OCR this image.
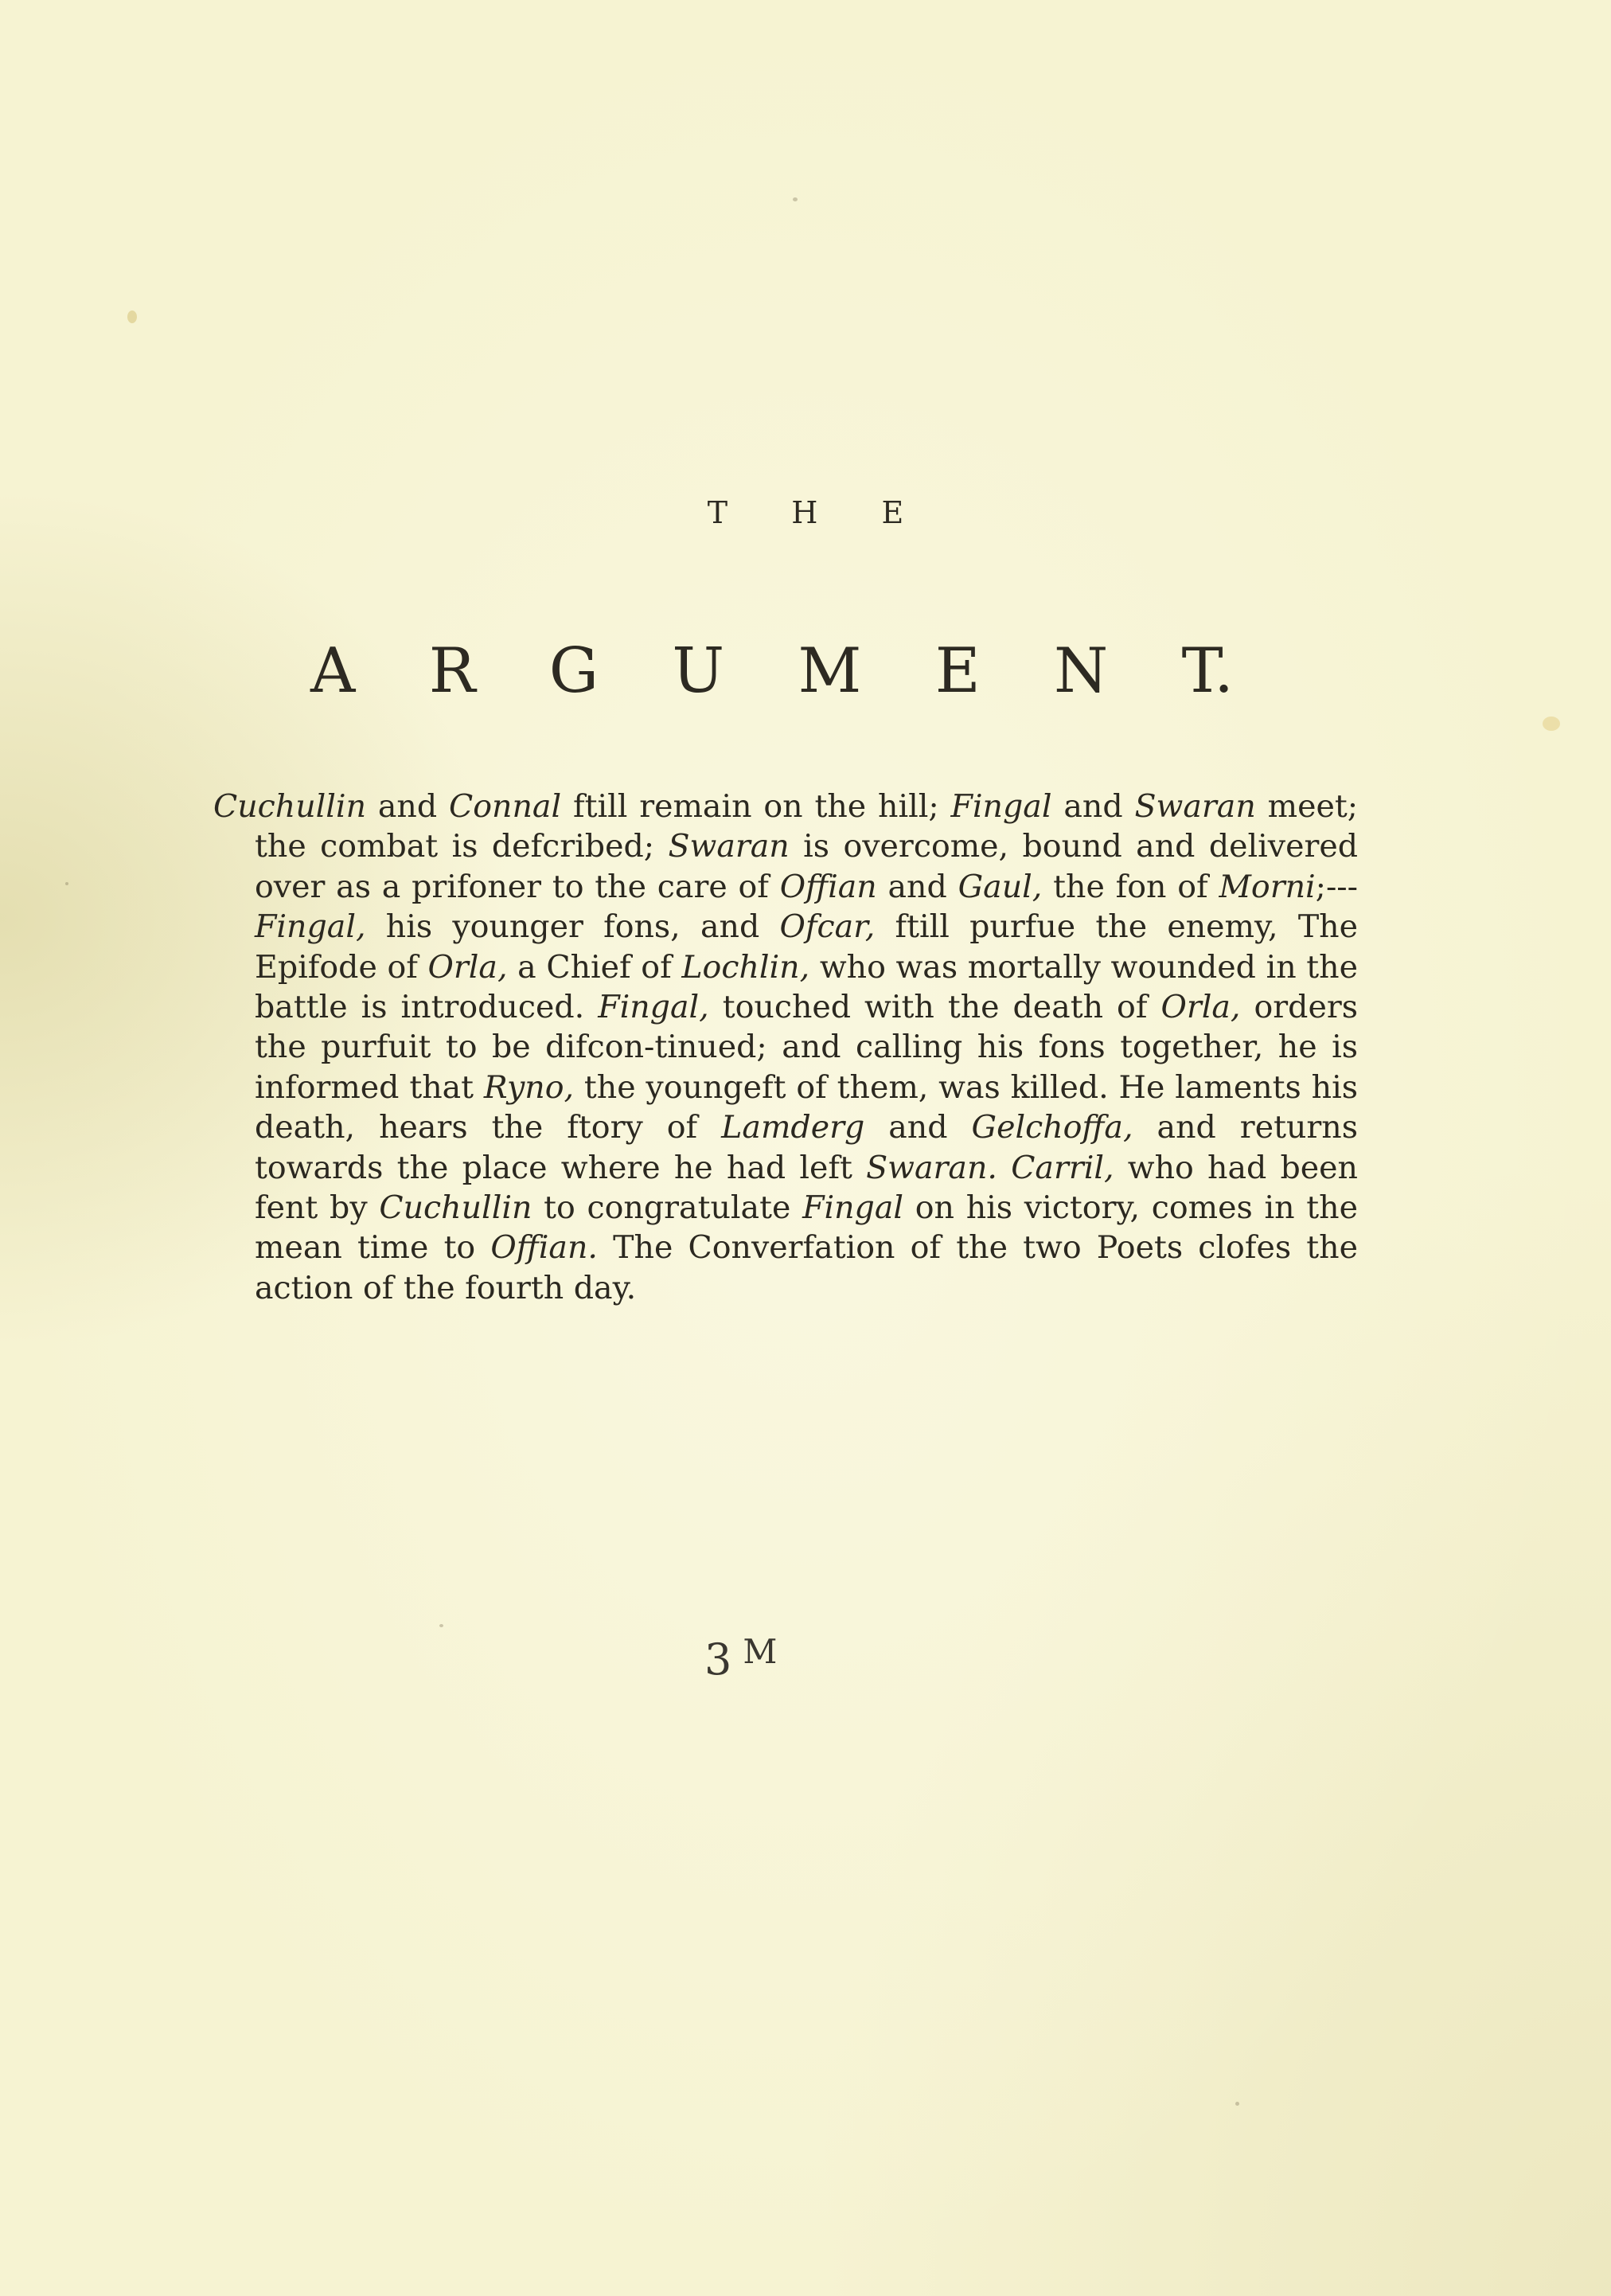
T H E
A R G U M E N T.
Cuchullin and Connal ftill remain on the hill; Fingal and Swaran meet; the combat is defcribed; Swaran is overcome, bound and delivered over as a prifoner to the care of Offian and Gaul, the fon of Morni;---Fingal, his younger fons, and Ofcar, ftill purfue the enemy, The Epifode of Orla, a Chief of Lochlin, who was mortally wounded in the battle is introduced. Fingal, touched with the death of Orla, orders the purfuit to be difcon-tinued; and calling his fons together, he is informed that Ryno, the youngeft of them, was killed. He laments his death, hears the ftory of Lamderg and Gelchoffa, and returns towards the place where he had left Swaran. Carril, who had been fent by Cuchullin to congratulate Fingal on his victory, comes in the mean time to Offian. The Converfation of the two Poets clofes the action of the fourth day.
3 $^M$
